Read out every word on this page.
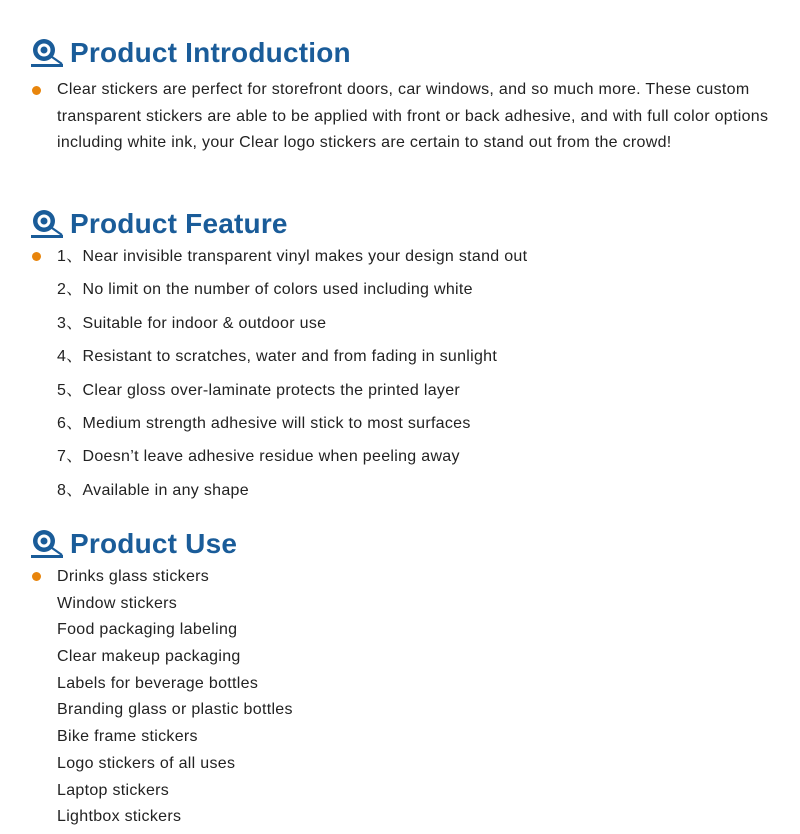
Product Introduction

Clear stickers are perfect for storefront doors, car windows, and so much more. These custom transparent stickers are able to be applied with front or back adhesive, and with full color options including white ink, your Clear logo stickers are certain to stand out from the crowd!

Product Feature
1、Near invisible transparent vinyl makes your design stand out
2、No limit on the number of colors used including white
3、Suitable for indoor & outdoor use
4、Resistant to scratches, water and from fading in sunlight
5、Clear gloss over-laminate protects the printed layer
6、Medium strength adhesive will stick to most surfaces
7、Doesn’t leave adhesive residue when peeling away
8、Available in any shape
Product Use
Drinks glass stickers
Window stickers
Food packaging labeling
Clear makeup packaging
Labels for beverage bottles
Branding glass or plastic bottles
Bike frame stickers
Logo stickers of all uses
Laptop stickers
Lightbox stickers
